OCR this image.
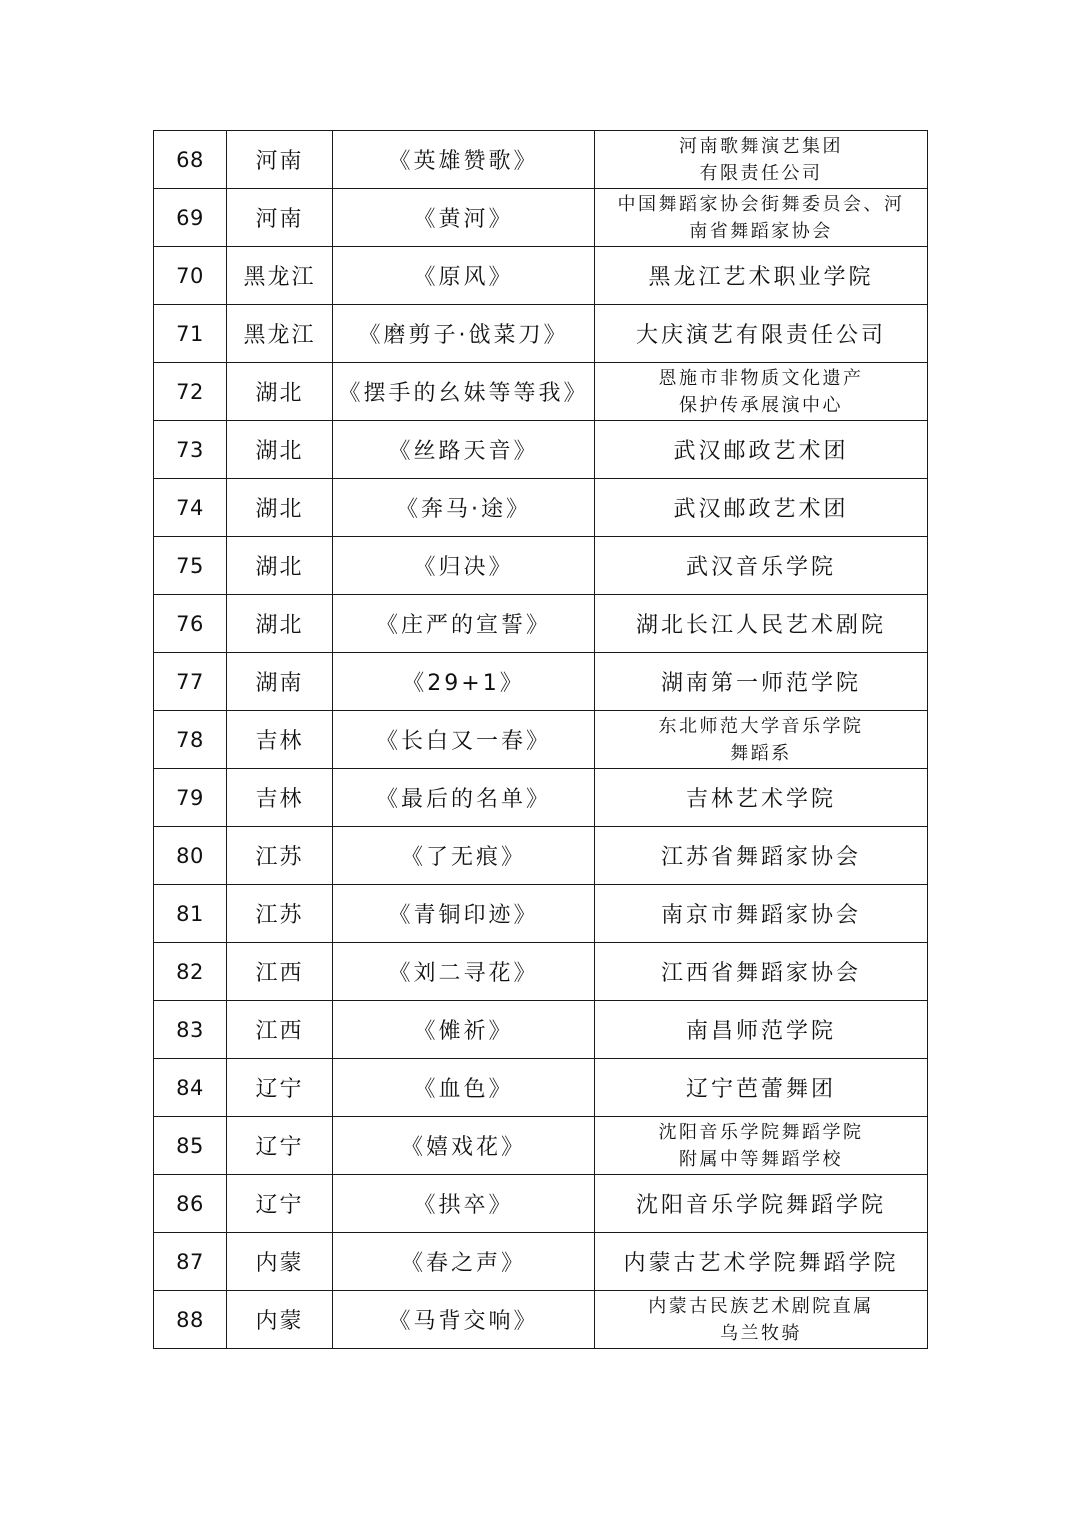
68	河南	《英雄赞歌》	河南歌舞演艺集团
有限责任公司

69	河南	《黄河》	中国舞蹈家协会街舞委员会、河
南省舞蹈家协会

70	黑龙江	《原风》	黑龙江艺术职业学院
71	黑龙江	《磨剪子·戗菜刀》	大庆演艺有限责任公司
72	湖北	《摆手的幺妹等等我》	恩施市非物质文化遗产
保护传承展演中心

73	湖北	《丝路天音》	武汉邮政艺术团
74	湖北	《奔马·途》	武汉邮政艺术团
75	湖北	《归决》	武汉音乐学院
76	湖北	《庄严的宣誓》	湖北长江人民艺术剧院
77	湖南	《29+1》	湖南第一师范学院
78	吉林	《长白又一春》	东北师范大学音乐学院
舞蹈系

79	吉林	《最后的名单》	吉林艺术学院
80	江苏	《了无痕》	江苏省舞蹈家协会
81	江苏	《青铜印迹》	南京市舞蹈家协会
82	江西	《刘二寻花》	江西省舞蹈家协会
83	江西	《傩祈》	南昌师范学院
84	辽宁	《血色》	辽宁芭蕾舞团
85	辽宁	《嬉戏花》	沈阳音乐学院舞蹈学院
附属中等舞蹈学校

86	辽宁	《拱卒》	沈阳音乐学院舞蹈学院
87	内蒙	《春之声》	内蒙古艺术学院舞蹈学院
88	内蒙	《马背交响》	内蒙古民族艺术剧院直属
乌兰牧骑
